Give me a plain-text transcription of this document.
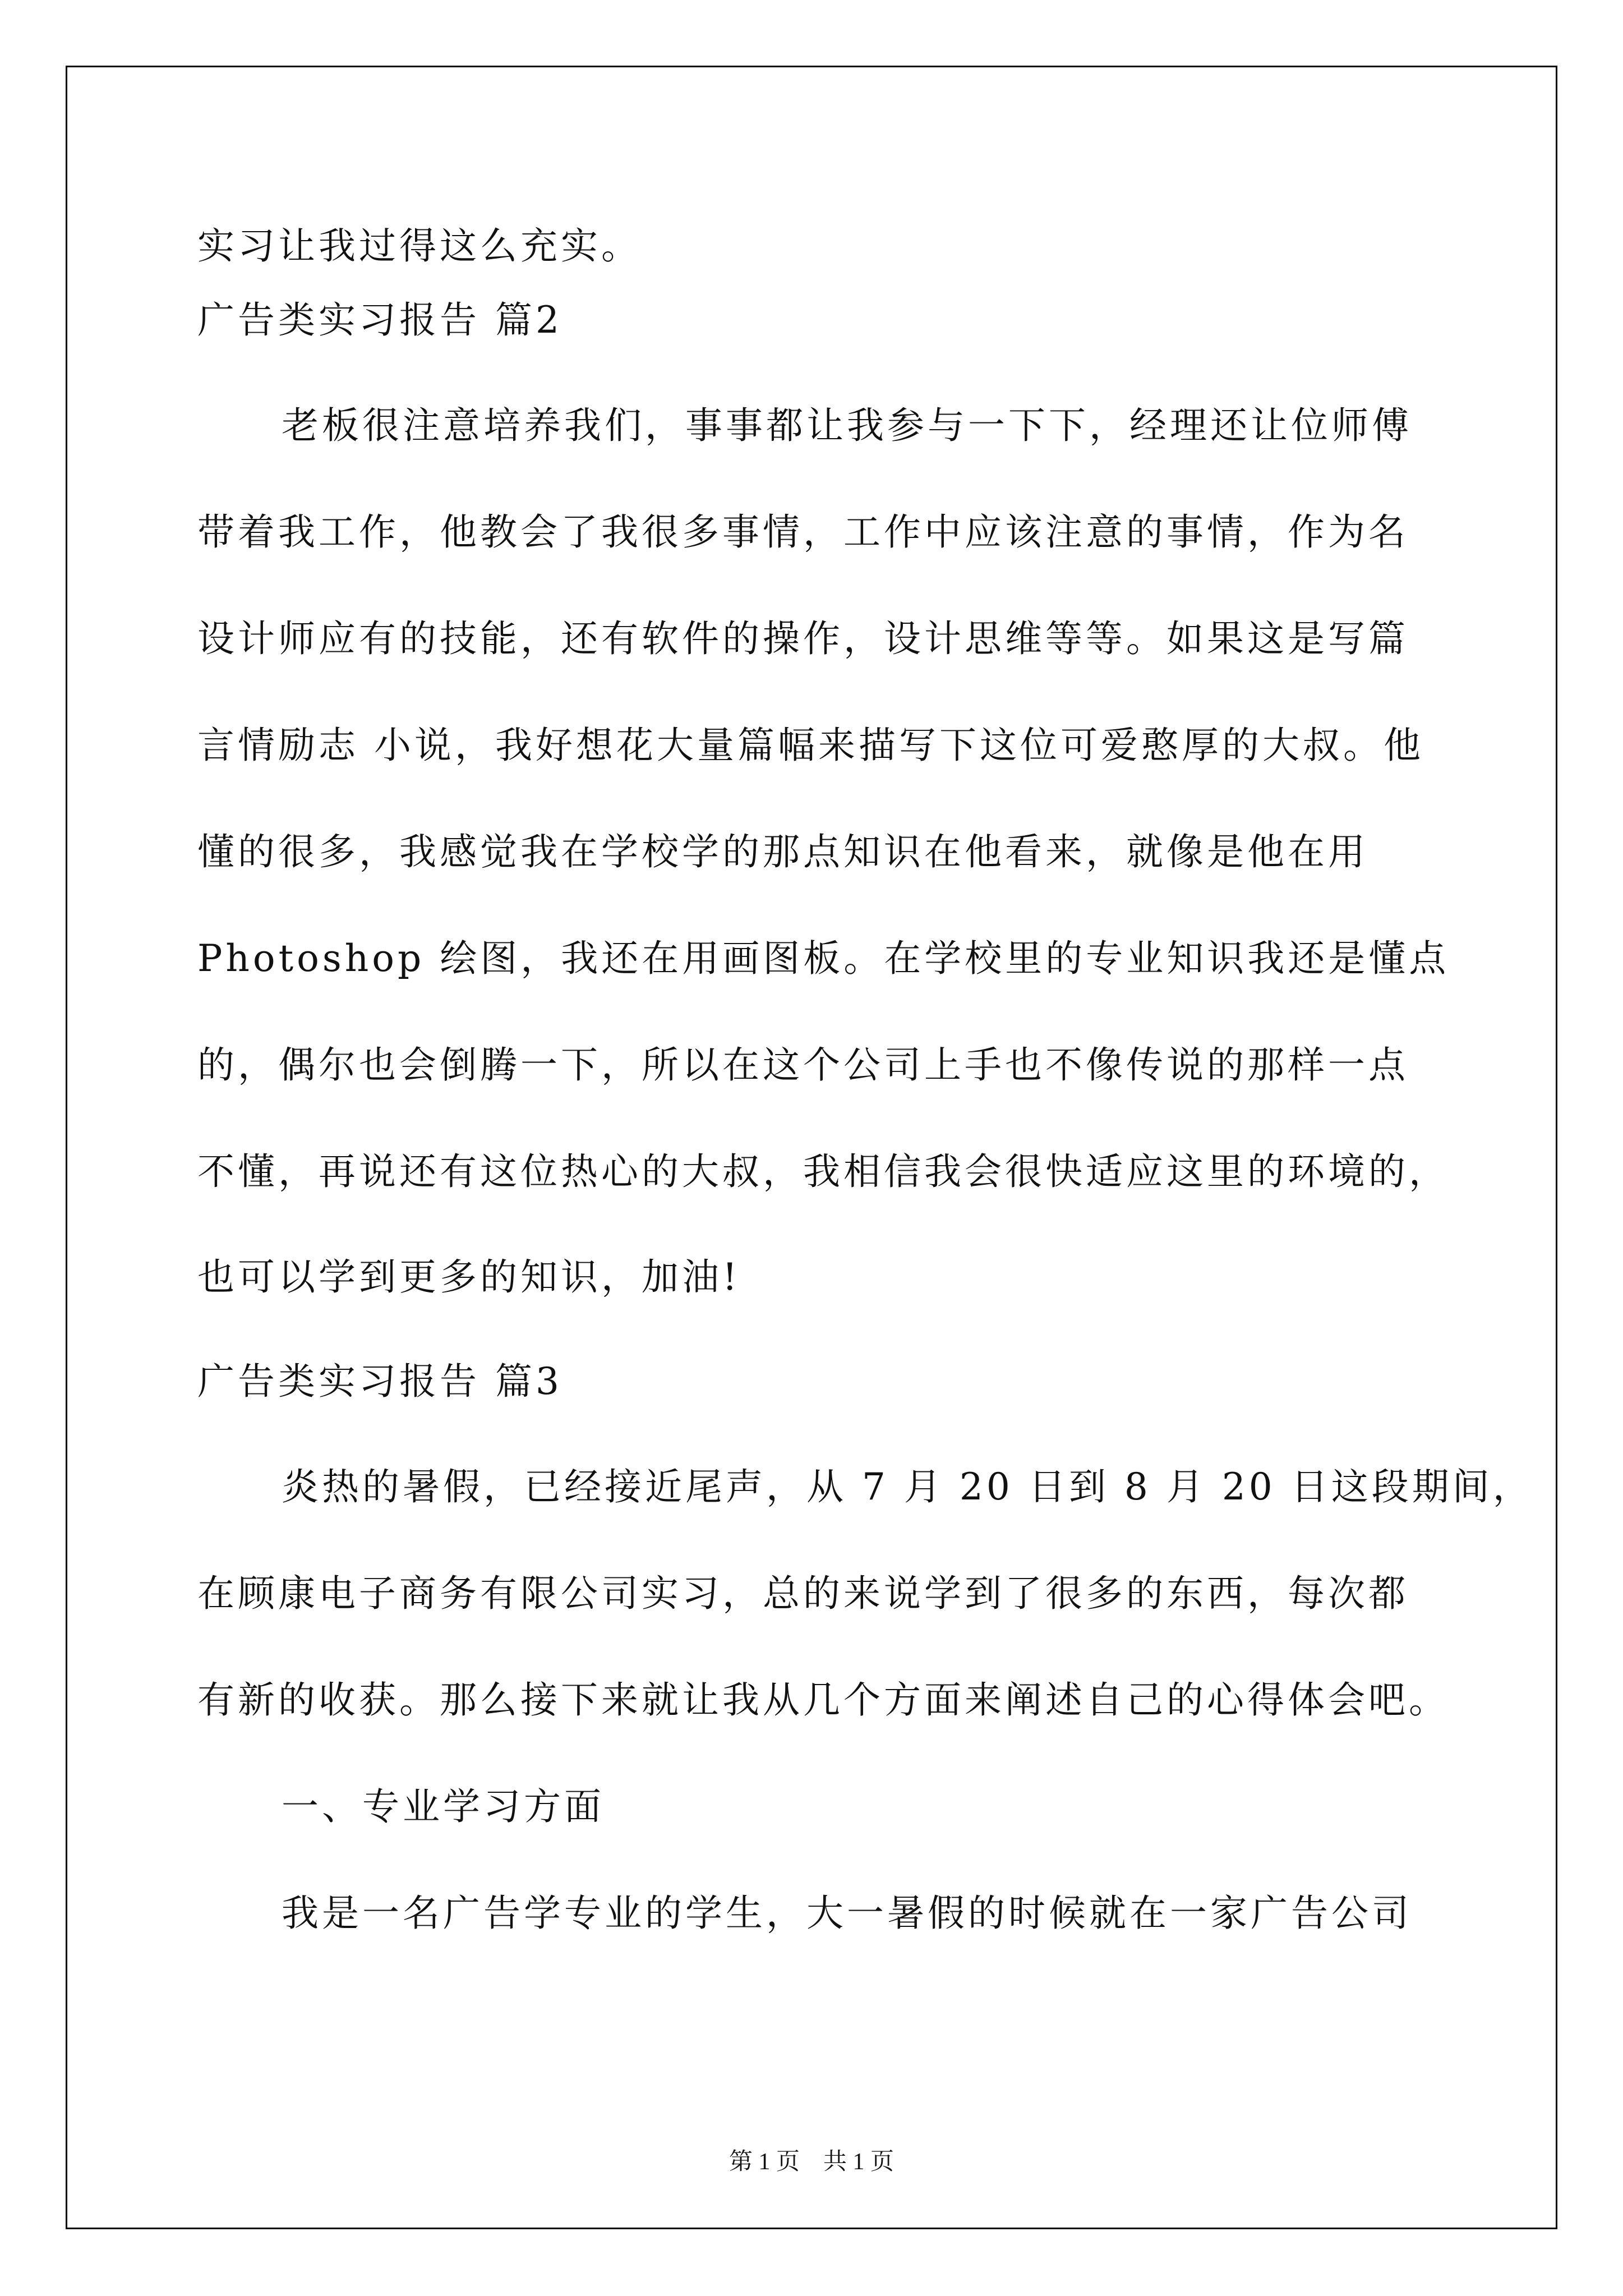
实习让我过得这么充实。
广告类实习报告 篇2
老板很注意培养我们，事事都让我参与一下下，经理还让位师傅
带着我工作，他教会了我很多事情，工作中应该注意的事情，作为名
设计师应有的技能，还有软件的操作，设计思维等等。如果这是写篇
言情励志 小说，我好想花大量篇幅来描写下这位可爱憨厚的大叔。他
懂的很多，我感觉我在学校学的那点知识在他看来，就像是他在用
Photoshop 绘图，我还在用画图板。在学校里的专业知识我还是懂点
的，偶尔也会倒腾一下，所以在这个公司上手也不像传说的那样一点
不懂，再说还有这位热心的大叔，我相信我会很快适应这里的环境的，
也可以学到更多的知识，加油!
广告类实习报告 篇3
炎热的暑假，已经接近尾声，从 7 月 20 日到 8 月 20 日这段期间，
在顾康电子商务有限公司实习，总的来说学到了很多的东西，每次都
有新的收获。那么接下来就让我从几个方面来阐述自己的心得体会吧。
一、专业学习方面
我是一名广告学专业的学生，大一暑假的时候就在一家广告公司
第 1 页　共 1 页
